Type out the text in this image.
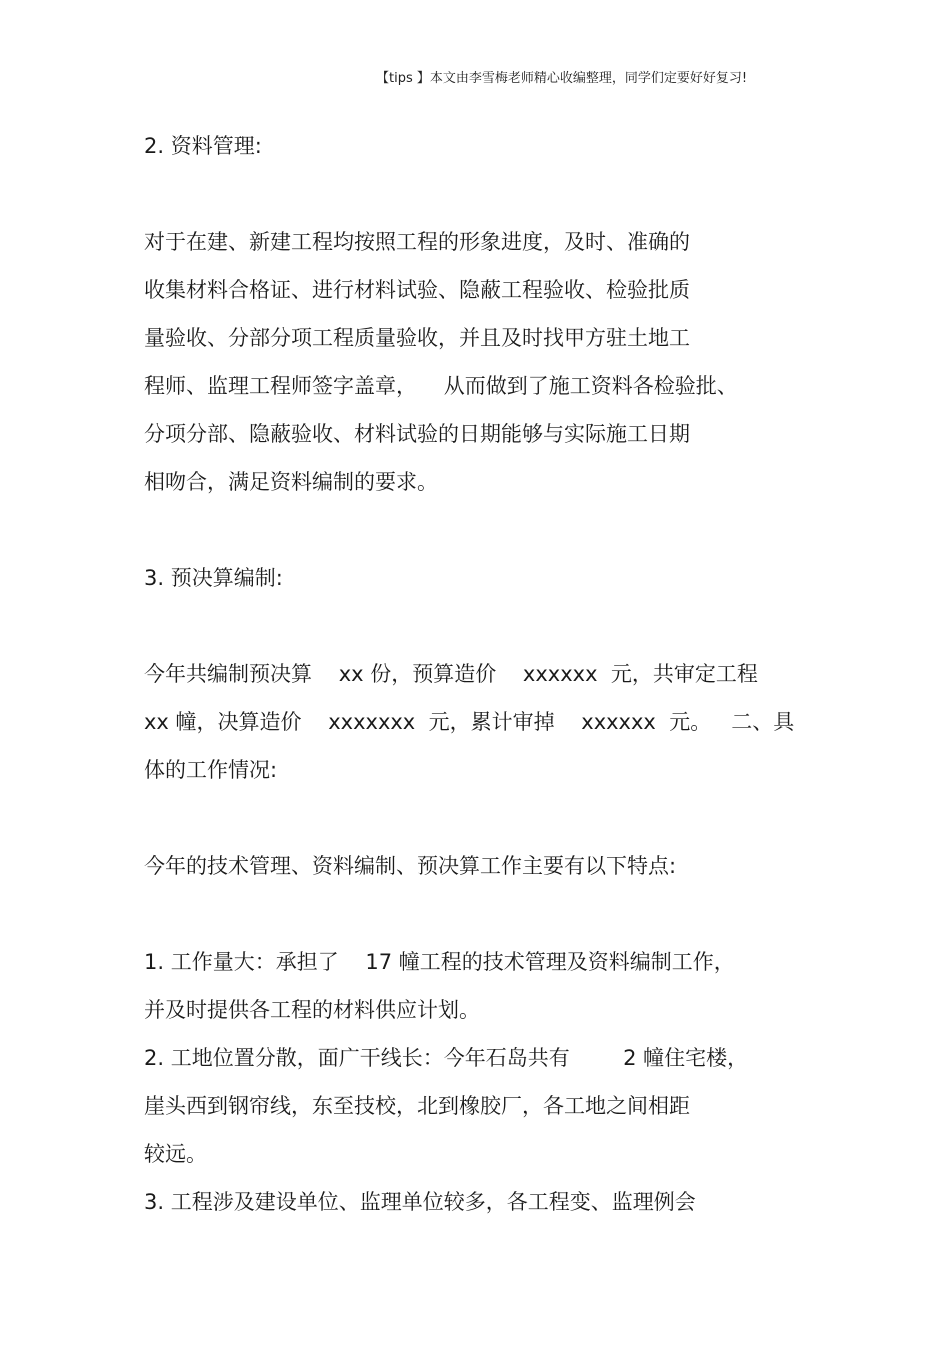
【tips 】本文由李雪梅老师精心收编整理，同学们定要好好复习!
2. 资料管理:
对于在建、新建工程均按照工程的形象进度，及时、准确的
收集材料合格证、进行材料试验、隐蔽工程验收、检验批质
量验收、分部分项工程质量验收，并且及时找甲方驻土地工
程师、监理工程师签字盖章，    从而做到了施工资料各检验批、
分项分部、隐蔽验收、材料试验的日期能够与实际施工日期
相吻合，满足资料编制的要求。
3. 预决算编制:
今年共编制预决算    xx 份，预算造价    xxxxxx  元，共审定工程
xx 幢，决算造价    xxxxxxx  元，累计审掉    xxxxxx  元。   二、具
体的工作情况:
今年的技术管理、资料编制、预决算工作主要有以下特点:
1. 工作量大：承担了    17 幢工程的技术管理及资料编制工作，
并及时提供各工程的材料供应计划。
2. 工地位置分散，面广干线长：今年石岛共有        2 幢住宅楼，
崖头西到钢帘线，东至技校，北到橡胶厂，各工地之间相距
较远。
3. 工程涉及建设单位、监理单位较多，各工程变、监理例会
